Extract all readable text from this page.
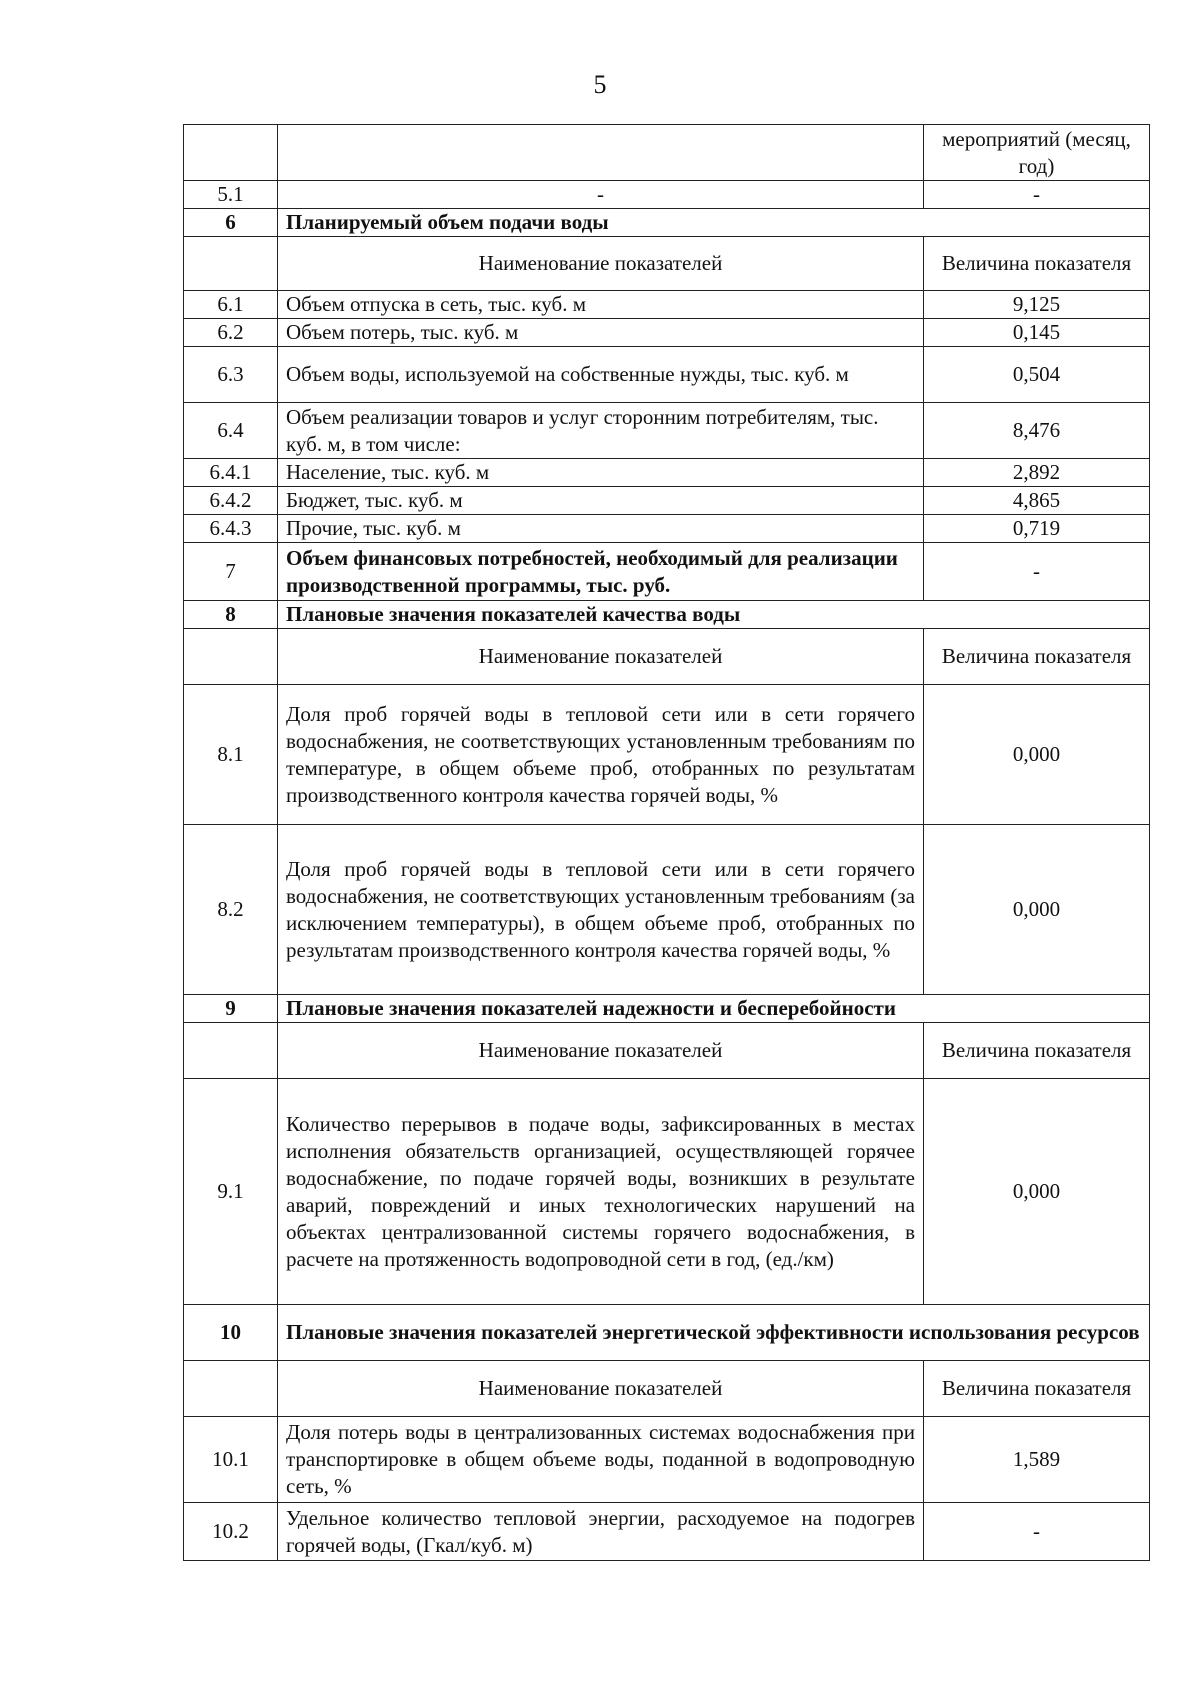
5
		мероприятий (месяц, год)
5.1	-	-
6	Планируемый объем подачи воды	
	Наименование показателей	Величина показателя
6.1	Объем отпуска в сеть, тыс. куб. м	9,125
6.2	Объем потерь, тыс. куб. м	0,145
6.3	Объем воды, используемой на собственные нужды, тыс. куб. м	0,504
6.4	Объем реализации товаров и услуг сторонним потребителям, тыс. куб. м, в том числе:	8,476
6.4.1	Население, тыс. куб. м	2,892
6.4.2	Бюджет, тыс. куб. м	4,865
6.4.3	Прочие, тыс. куб. м	0,719
7	Объем финансовых потребностей, необходимый для реализации производственной программы, тыс. руб.	-
8	Плановые значения показателей качества воды	
	Наименование показателей	Величина показателя
8.1	Доля проб горячей воды в тепловой сети или в сети горячего водоснабжения, не соответствующих установленным требованиям по температуре, в общем объеме проб, отобранных по результатам производственного контроля качества горячей воды, %	0,000
8.2	Доля проб горячей воды в тепловой сети или в сети горячего водоснабжения, не соответствующих установленным требованиям (за исключением температуры), в общем объеме проб, отобранных по результатам производственного контроля качества горячей воды, %	0,000
9	Плановые значения показателей надежности и бесперебойности	
	Наименование показателей	Величина показателя
9.1	Количество перерывов в подаче воды, зафиксированных в местах исполнения обязательств организацией, осуществляющей горячее водоснабжение, по подаче горячей воды, возникших в результате аварий, повреждений и иных технологических нарушений на объектах централизованной системы горячего водоснабжения, в расчете на протяженность водопроводной сети в год, (ед./км)	0,000
10	Плановые значения показателей энергетической эффективности использования ресурсов	
	Наименование показателей	Величина показателя
10.1	Доля потерь воды в централизованных системах водоснабжения при транспортировке в общем объеме воды, поданной в водопроводную сеть, %	1,589
10.2	Удельное количество тепловой энергии, расходуемое на подогрев горячей воды, (Гкал/куб. м)	-
